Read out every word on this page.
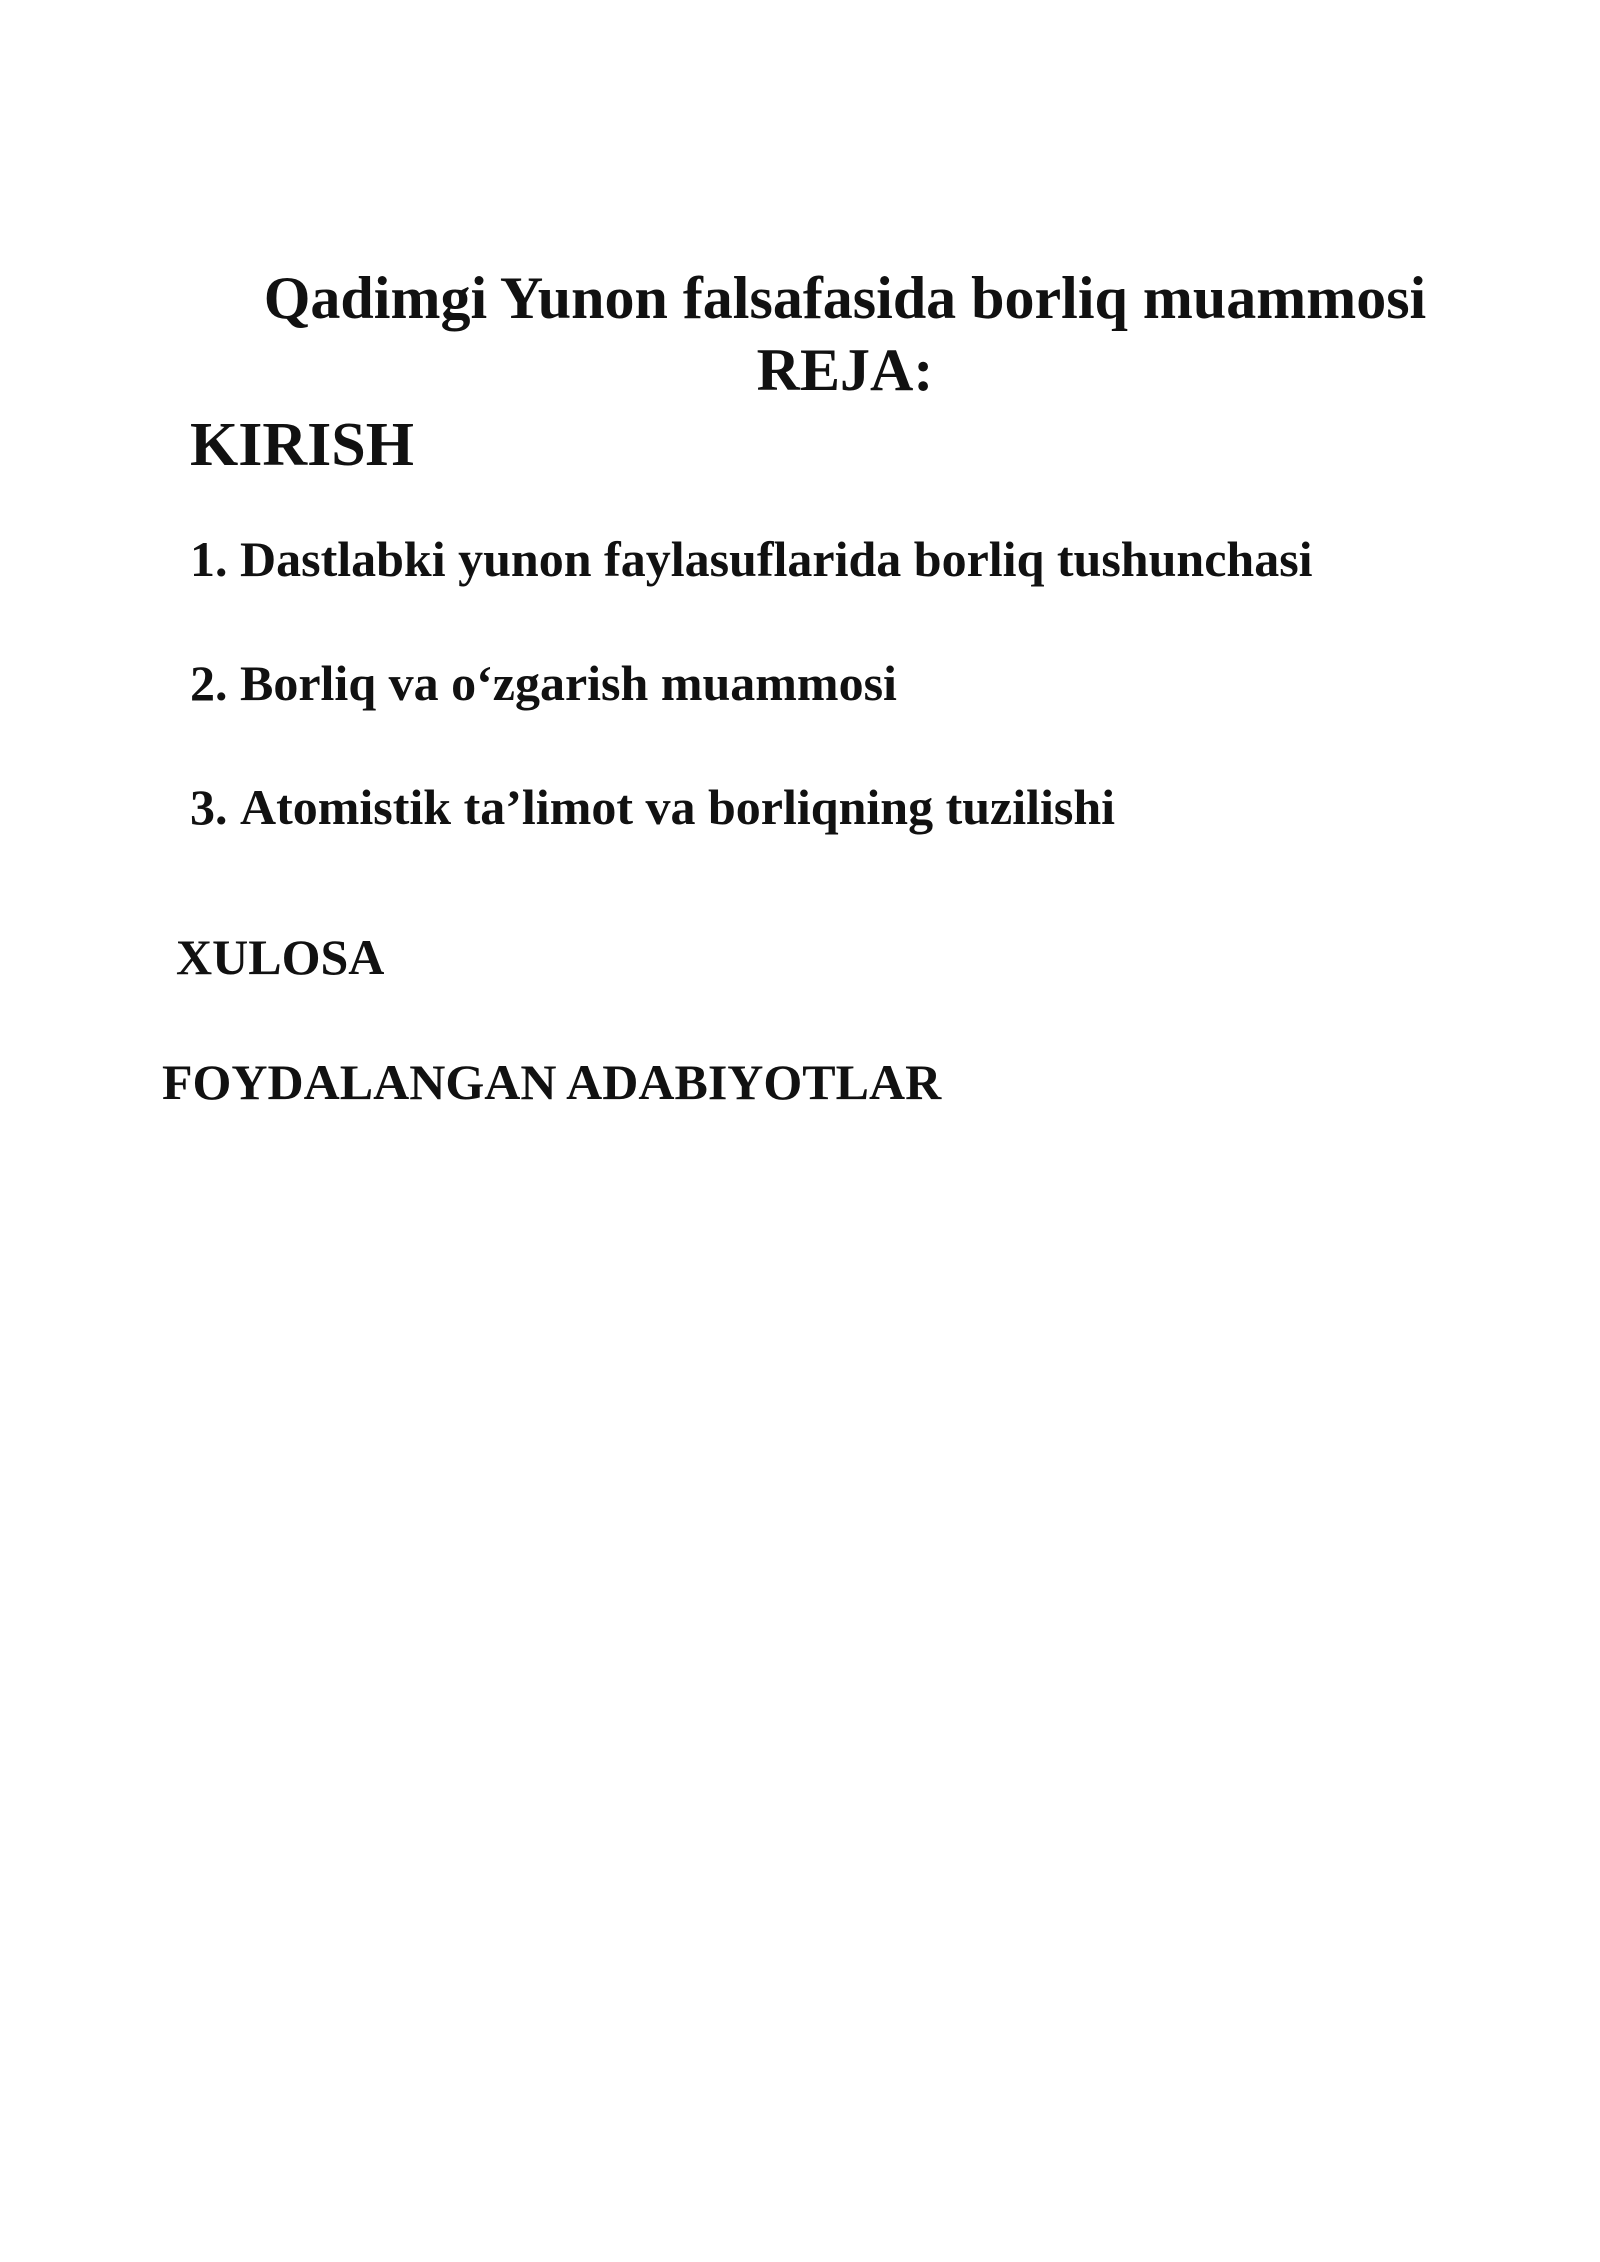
Qadimgi Yunon falsafasida borliq muammosi
REJA:
KIRISH
1. Dastlabki yunon faylasuflarida borliq tushunchasi
2. Borliq va o‘zgarish muammosi
3. Atomistik ta’limot va borliqning tuzilishi
XULOSA
FOYDALANGAN ADABIYOTLAR
